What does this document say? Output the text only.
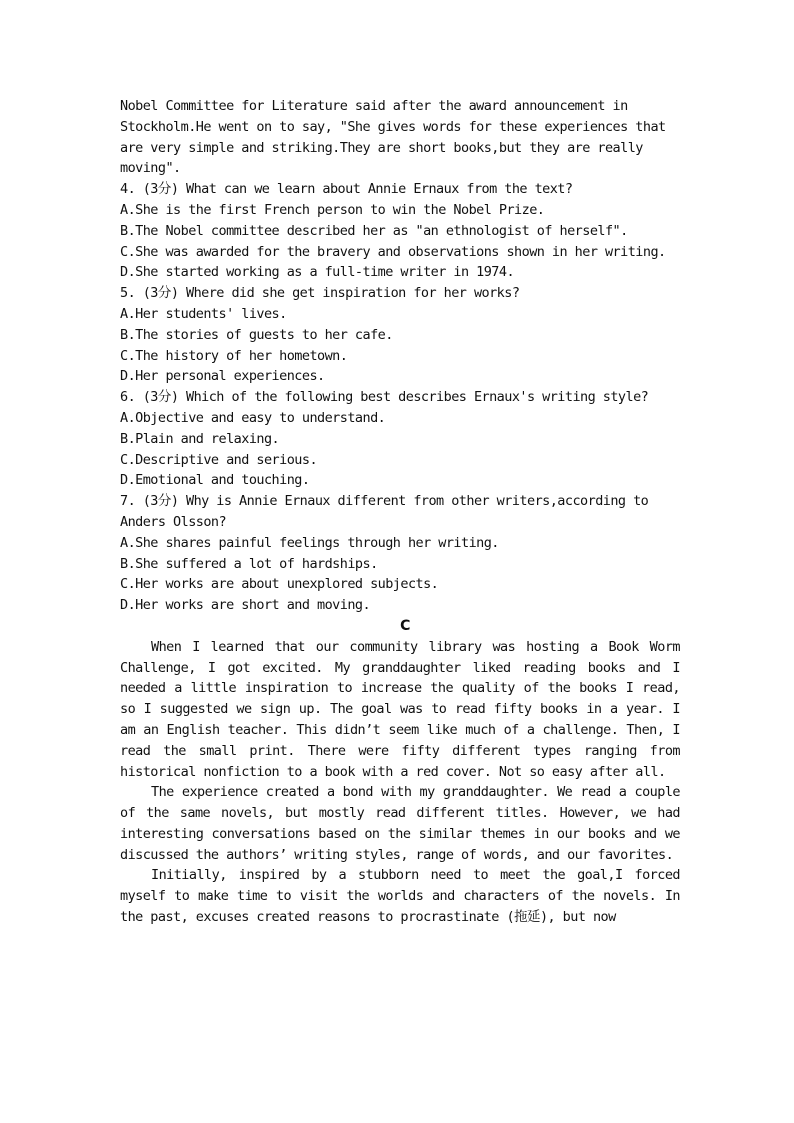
Nobel Committee for Literature said after the award announcement in Stockholm.He went on to say, "She gives words for these experiences that are very simple and striking.They are short books,but they are really moving".

4. (3分) What can we learn about Annie Ernaux from the text?

A.She is the first French person to win the Nobel Prize.

B.The Nobel committee described her as "an ethnologist of herself".

C.She was awarded for the bravery and observations shown in her writing.

D.She started working as a full-time writer in 1974.

5. (3分) Where did she get inspiration for her works?

A.Her students' lives.

B.The stories of guests to her cafe.

C.The history of her hometown.

D.Her personal experiences.

6. (3分) Which of the following best describes Ernaux's writing style?

A.Objective and easy to understand.

B.Plain and relaxing.

C.Descriptive and serious.

D.Emotional and touching.

7. (3分) Why is Annie Ernaux different from other writers,according to Anders Olsson?

A.She shares painful feelings through her writing.

B.She suffered a lot of hardships.

C.Her works are about unexplored subjects.

D.Her works are short and moving.

C

When I learned that our community library was hosting a Book Worm Challenge, I got excited. My granddaughter liked reading books and I needed a little inspiration to increase the quality of the books I read, so I suggested we sign up. The goal was to read fifty books in a year. I am an English teacher. This didn’t seem like much of a challenge. Then, I read the small print. There were fifty different types ranging from historical nonfiction to a book with a red cover. Not so easy after all.

The experience created a bond with my granddaughter. We read a couple of the same novels, but mostly read different titles. However, we had interesting conversations based on the similar themes in our books and we discussed the authors’ writing styles, range of words, and our favorites.

Initially, inspired by a stubborn need to meet the goal,I forced myself to make time to visit the worlds and characters of the novels. In the past, excuses created reasons to procrastinate (拖延), but now
